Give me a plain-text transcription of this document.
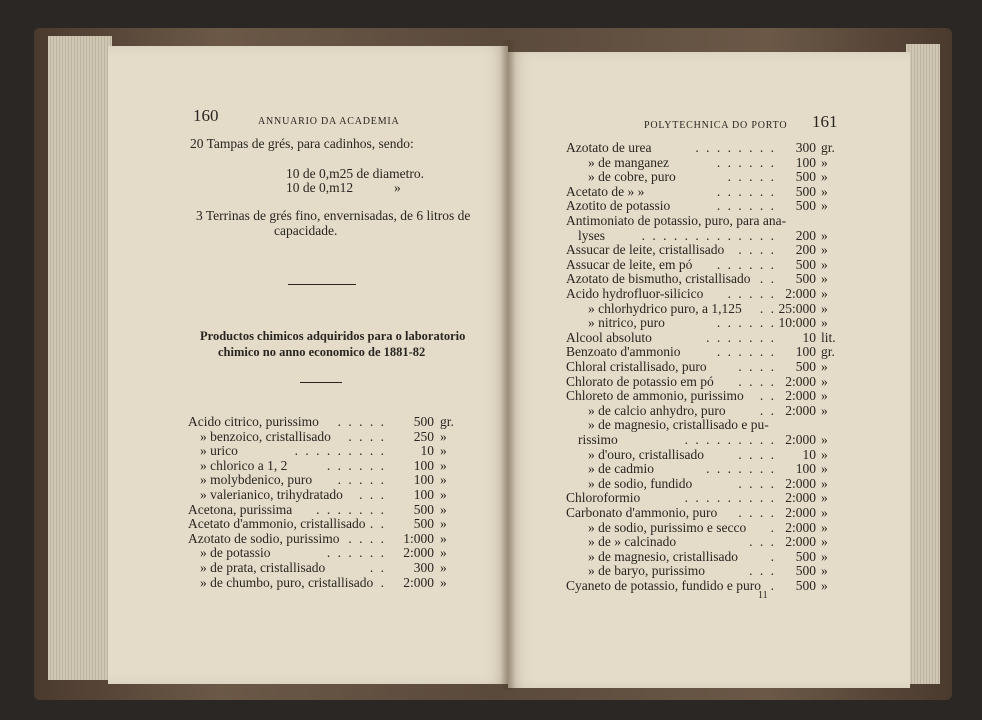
160	ANNUARIO DA ACADEMIA
20 Tampas de grés, para cadinhos, sendo:
10 de 0,m25 de diametro.
10 de 0,m12	»
3 Terrinas de grés fino, envernisadas, de 6 litros de
capacidade.
Productos chimicos adquiridos para o laboratorio
chimico no anno economico de 1881-82
Acido citrico, purissimo . . . . . 500 gr.
» benzoico, cristallisado . . . . 250 »
» urico	. . . . . . . . .	10 »
» chlorico a 1, 2	. . . . . . 100 »
» molybdenico, puro . . . . . 100 »
» valerianico, trihydratado . . . 100 »
Acetona, purissima . . . . . . . 500 »
Acetato d'ammonio, cristallisado . . 500 »
Azotato de sodio, purissimo . . . . 1:000 »
» de potassio	. . . . . . 2:000 »
» de prata, cristallisado	. . 300 »
» de chumbo, puro, cristallisado . 2:000 »
POLYTECHNICA DO PORTO 161
Azotato de urea	. . . . . . . . 300 gr.
» de manganez	. . . . . . 100 »
» de cobre, puro	. . . . . 500 »
Acetato de » »	. . . . . . 500 »
Azotito de potassio	. . . . . . 500 »
Antimoniato de potassio, puro, para ana-
lyses	. . . . . . . . . . . . . 200 »
Assucar de leite, cristallisado . . . . 200 »
Assucar de leite, em pó . . . . . . 500 »
Azotato de bismutho, cristallisado . . 500 »
Acido hydrofluor-silicico . . . . . 2:000 »
» chlorhydrico puro, a 1,125 . . 25:000 »
» nitrico, puro	. . . . . . 10:000 »
Alcool absoluto	. . . . . . . 10 lit.
Benzoato d'ammonio	. . . . . . 100 gr.
Chloral cristallisado, puro . . . . 500 »
Chlorato de potassio em pó . . . . 2:000 »
Chloreto de ammonio, purissimo . . 2:000 »
» de calcio anhydro, puro	. . 2:000 »
» de magnesio, cristallisado e pu-
rissimo	. . . . . . . . . 2:000 »
» d'ouro, cristallisado	. . . . 10 »
» de cadmio	. . . . . . . 100 »
» de sodio, fundido	. . . . 2:000 »
Chloroformio	. . . . . . . . . 2:000 »
Carbonato d'ammonio, puro . . . . 2:000 »
» de sodio, purissimo e secco . 2:000 »
» de » calcinado	. . . 2:000 »
» de magnesio, cristallisado . 500 »
» de baryo, purissimo	. . . 500 »
Cyaneto de potassio, fundido e puro . 500 »
11
